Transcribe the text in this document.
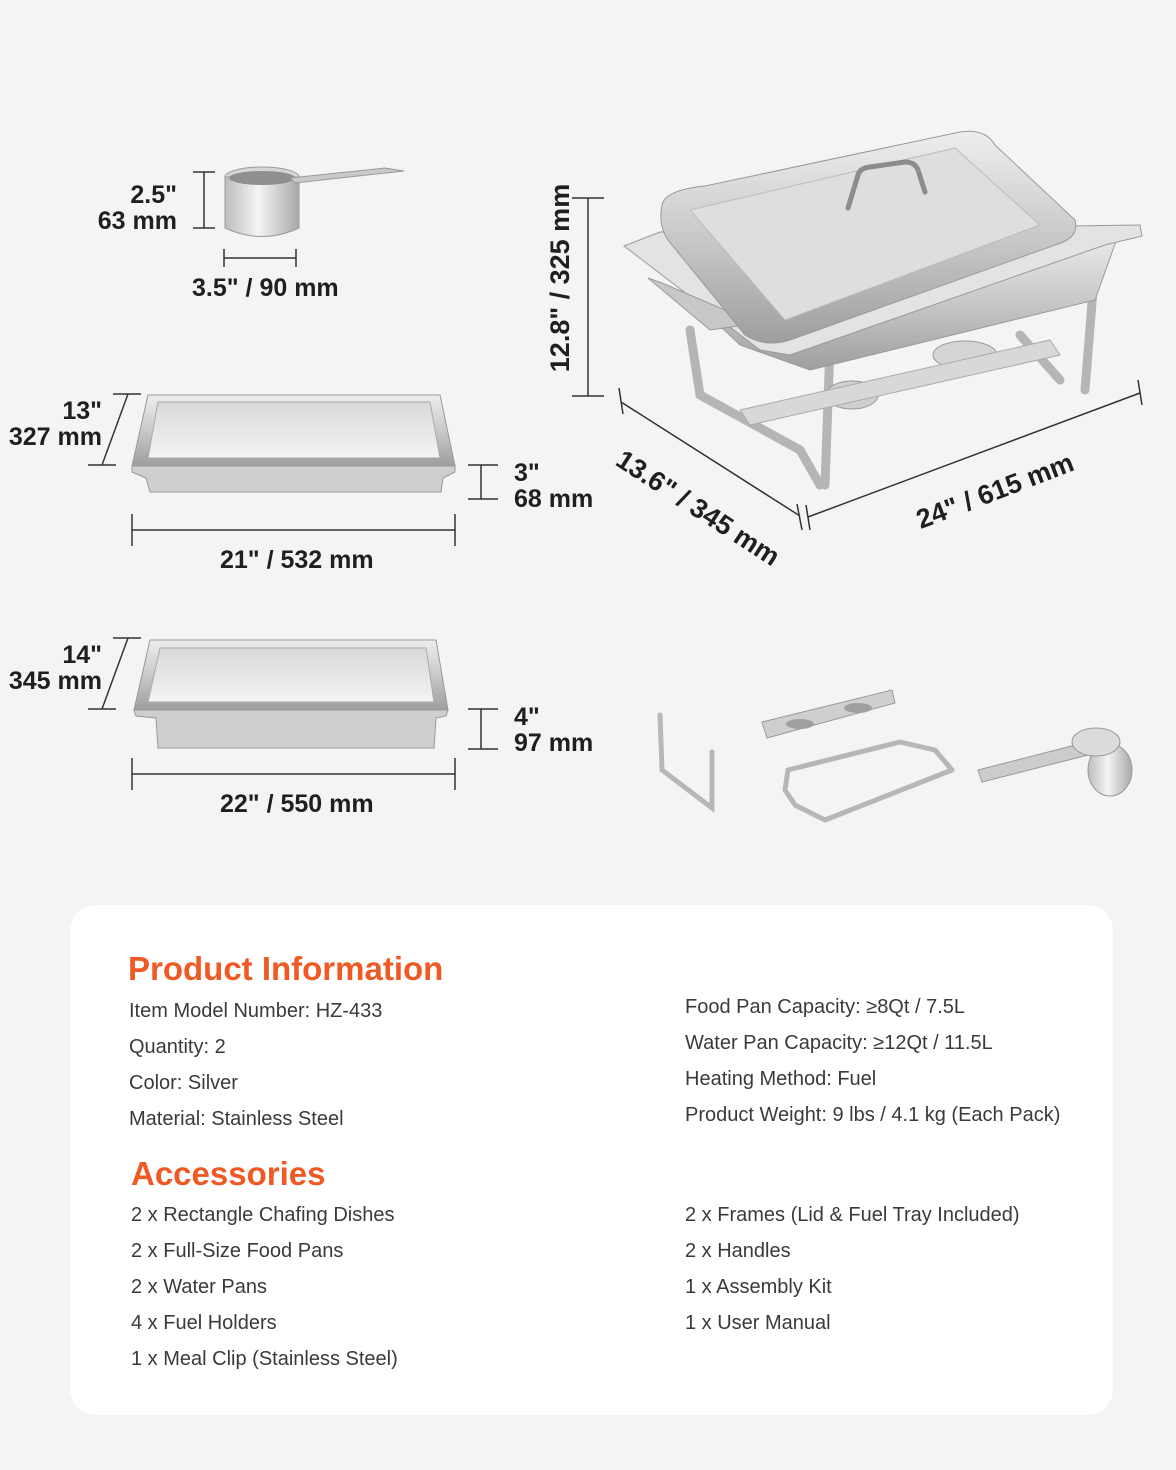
2.5"
63 mm
3.5" / 90 mm
13"
327 mm
3"
68 mm
21" / 532 mm
14"
345 mm
4"
97 mm
22" / 550 mm
12.8" / 325 mm
13.6" / 345 mm	24" / 615 mm
Product Information
Item Model Number: HZ-433
Quantity: 2
Color: Silver
Material: Stainless Steel
Food Pan Capacity: ≥8Qt / 7.5L
Water Pan Capacity: ≥12Qt / 11.5L
Heating Method: Fuel
Product Weight: 9 lbs / 4.1 kg (Each Pack)
Accessories
2 x Rectangle Chafing Dishes
2 x Full-Size Food Pans
2 x Water Pans
4 x Fuel Holders
1 x Meal Clip (Stainless Steel)
2 x Frames (Lid & Fuel Tray Included)
2 x Handles
1 x Assembly Kit
1 x User Manual
